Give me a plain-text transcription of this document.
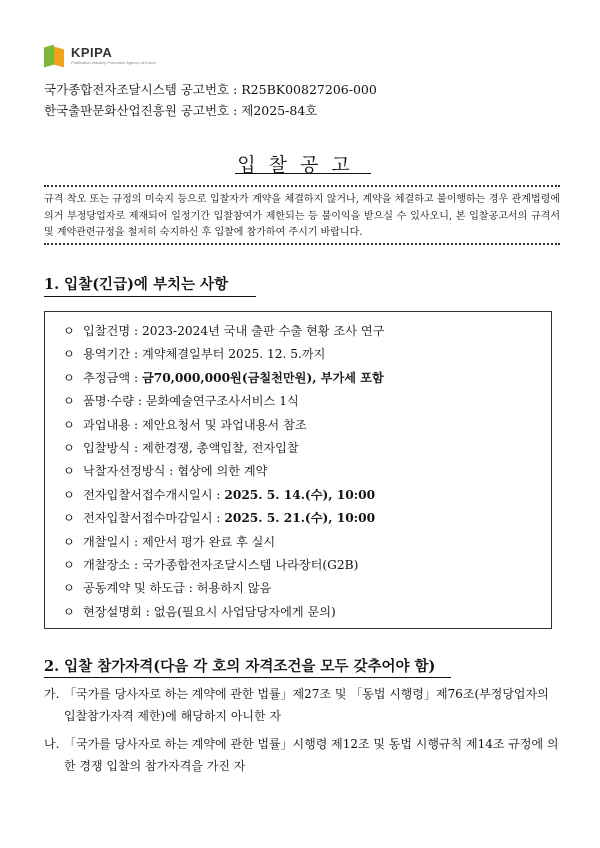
KPIPA
Publication Industry Promotion Agency of Korea
국가종합전자조달시스템 공고번호 : R25BK00827206-000
한국출판문화산업진흥원 공고번호 : 제2025-84호
입찰공고
규격 착오 또는 규정의 미숙지 등으로 입찰자가 계약을 체결하지 않거나, 계약을 체결하고 불이행하는 경우 관계법령에 의거 부정당업자로 제재되어 일정기간 입찰참여가 제한되는 등 불이익을 받으실 수 있사오니, 본 입찰공고서의 규격서 및 계약관련규정을 철저히 숙지하신 후 입찰에 참가하여 주시기 바랍니다.
1. 입찰(긴급)에 부치는 사항
ㅇ 입찰건명 : 2023-2024년 국내 출판 수출 현황 조사 연구
ㅇ 용역기간 : 계약체결일부터 2025. 12. 5.까지
ㅇ 추정금액 : 금70,000,000원(금칠천만원), 부가세 포함
ㅇ 품명·수량 : 문화예술연구조사서비스 1식
ㅇ 과업내용 : 제안요청서 및 과업내용서 참조
ㅇ 입찰방식 : 제한경쟁, 총액입찰, 전자입찰
ㅇ 낙찰자선정방식 : 협상에 의한 계약
ㅇ 전자입찰서접수개시일시 : 2025. 5. 14.(수), 10:00
ㅇ 전자입찰서접수마감일시 : 2025. 5. 21.(수), 10:00
ㅇ 개찰일시 : 제안서 평가 완료 후 실시
ㅇ 개찰장소 : 국가종합전자조달시스템 나라장터(G2B)
ㅇ 공동계약 및 하도급 : 허용하지 않음
ㅇ 현장설명회 : 없음(필요시 사업담당자에게 문의)
2. 입찰 참가자격(다음 각 호의 자격조건을 모두 갖추어야 함)
가. 「국가를 당사자로 하는 계약에 관한 법률」제27조 및 「동법 시행령」제76조(부정당업자의 입찰참가자격 제한)에 해당하지 아니한 자
나. 「국가를 당사자로 하는 계약에 관한 법률」시행령 제12조 및 동법 시행규칙 제14조 규정에 의한 경쟁 입찰의 참가자격을 가진 자
